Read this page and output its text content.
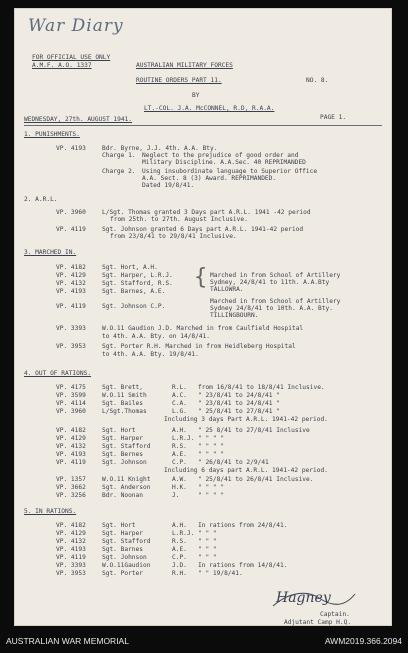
War Diary
FOR OFFICIAL USE ONLY
A.M.F. A.O. 1337	AUSTRALIAN MILITARY FORCES
ROUTINE ORDERS PART 11.	NO. 8.
BY
LT.-COL. J.A. McCONNEL, R.D, R.A.A.
WEDNESDAY, 27th. AUGUST 1941.	PAGE 1.
1. PUNISHMENTS.
VP. 4193	Bdr. Byrne, J.J. 4th. A.A. Bty.
Charge 1. Neglect to the prejudice of good order and
Military Discipline. A.A.Sec. 40 REPRIMANDED
Charge 2. Using insubordinate language to Superior Office
A.A. Sect. 8 (3) Award. REPRIMANDED.
Dated 19/8/41.
2. A.R.L.
VP. 3960	L/Sgt. Thomas granted 3 Days part A.R.L. 1941 -42 period
from 25th. to 27th. August Inclusive.
VP. 4119	Sgt. Johnson granted 6 Days part A.R.L. 1941-42 period
from 23/8/41 to 29/8/41 Inclusive.
3. MARCHED IN.
VP. 4182	Sgt. Hort, A.H.
VP. 4129	Sgt. Harper, L.R.J.
VP. 4132	Sgt. Stafford, R.S.
VP. 4193	Sgt. Barnes, A.E.
{ Marched in from School of Artillery
Sydney, 24/8/41 to 11th. A.A.Bty
TALLOWRA.
VP. 4119	Sgt. Johnson C.P.
Marched in from School of Artillery
Sydney 24/8/41 to 10th. A.A. Bty.
TILLINGBOURN.
VP. 3393	W.O.11 Gaudion J.D. Marched in from Caulfield Hospital
to 4th. A.A. Bty. on 14/8/41.
VP. 3953	Sgt. Porter R.H. Marched in from Heidleberg Hospital
to 4th. A.A. Bty. 19/8/41.
4. OUT OF RATIONS.
VP. 4175	Sgt. Brett,	R.L. from 16/8/41 to 18/8/41 Inclusive.
VP. 3599	W.O.11 Smith	A.C. " 23/8/41 to 24/8/41 "
VP. 4114	Sgt. Bailes	C.A. " 23/8/41 to 24/8/41 "
VP. 3960	L/Sgt.Thomas	L.G. " 25/8/41 to 27/8/41 "
Including 3 days Part A.R.L. 1941-42 period.
VP. 4182	Sgt. Hort	A.H. " 25 8/41 to 27/8/41 Inclusive
VP. 4129	Sgt. Harper	L.R.J. " " " "
VP. 4132	Sgt. Stafford	R.S. " " " "
VP. 4193	Sgt. Bernes	A.E. " " " "
VP. 4119	Sgt. Johnson	C.P. " 26/8/41 to 2/9/41
Including 6 days part A.R.L. 1941-42 period.
VP. 1357	W.O.11 Knight	A.W. " 25/8/41 to 26/8/41 Inclusive.
VP. 3662	Sgt. Anderson	H.K. " " " "
VP. 3256	Bdr. Noonan	J.	" " " "
5. IN RATIONS.
VP. 4182	Sgt. Hort	A.H. In rations from 24/8/41.
VP. 4129	Sgt. Harper	L.R.J. " " "
VP. 4132	Sgt. Stafford	R.S. " " "
VP. 4193	Sgt. Barnes	A.E. " " "
VP. 4119	Sgt. Johnson	C.P. " " "
VP. 3393	W.O.11Gaudion	J.D. In rations from 14/8/41.
VP. 3953	Sgt. Porter	R.H. " " 19/8/41.
Hagney
Captain.
Adjutant Camp H.Q.
AUSTRALIAN WAR MEMORIAL	AWM2019.366.2094
